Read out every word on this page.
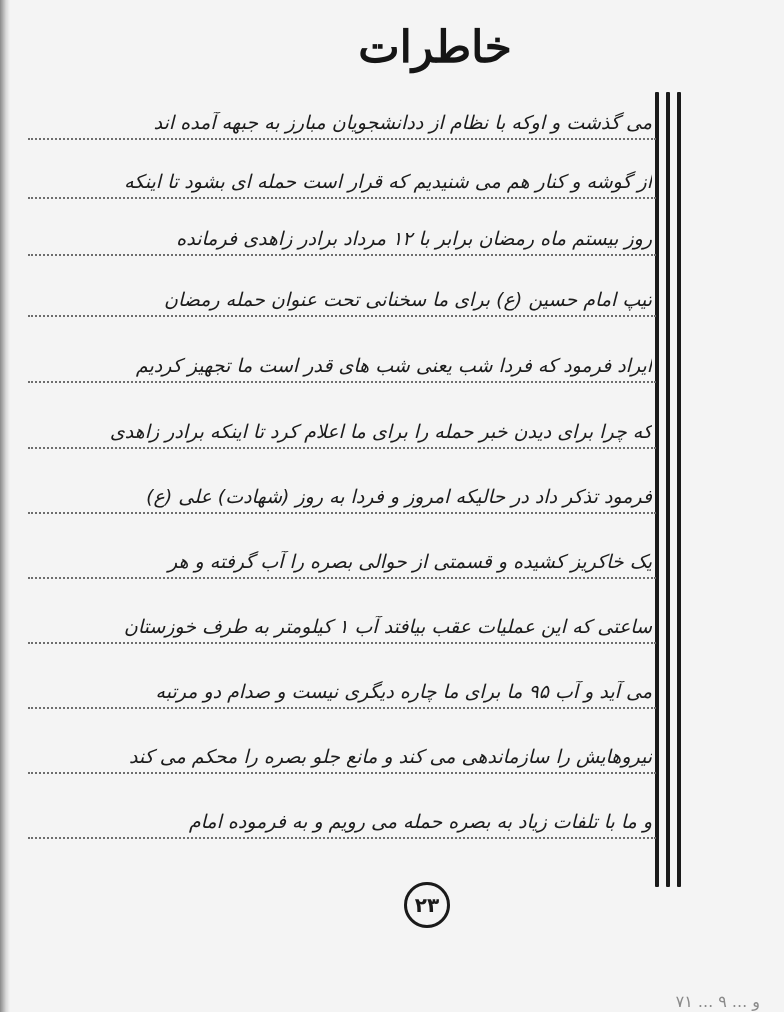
خاطرات
می گذشت و اوکه با نظام از ددانشجویان مبارز به جبهه آمده اند
از گوشه و کنار هم می شنیدیم که قرار است حمله ای بشود تا اینکه
روز بیستم ماه رمضان برابر با ۱۲ مرداد برادر زاهدی فرمانده
تیپ امام حسین (ع) برای ما سخنانی تحت عنوان حمله رمضان
ایراد فرمود که فردا شب یعنی شب های قدر است ما تجهیز کردیم
که چرا برای دیدن خبر حمله را برای ما اعلام کرد تا اینکه برادر زاهدی
فرمود تذکر داد در حالیکه امروز و فردا به روز (شهادت) علی (ع)
یک خاکریز کشیده و قسمتی از حوالی بصره را آب گرفته و هر
ساعتی که این عملیات عقب بیافتد آب ۱ کیلومتر به طرف خوزستان
می آید و آب ۹۵ ما برای ما چاره دیگری نیست و صدام دو مرتبه
نیروهایش را سازماندهی می کند و مانع جلو بصره را محکم می کند
و ما با تلفات زیاد به بصره حمله می رویم و به فرموده امام
۲۳
و ... ۹ ... ۷۱
